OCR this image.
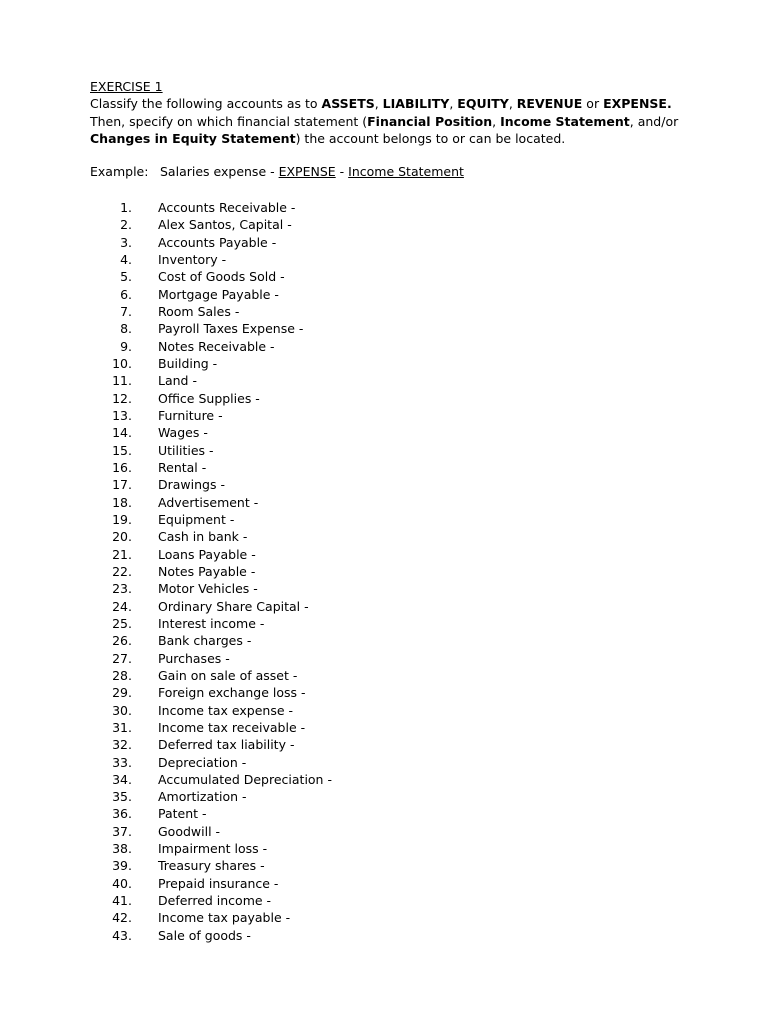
EXERCISE 1

Classify the following accounts as to ASSETS, LIABILITY, EQUITY, REVENUE or EXPENSE.

Then, specify on which financial statement (Financial Position, Income Statement, and/or

Changes in Equity Statement) the account belongs to or can be located.

Example: Salaries expense - EXPENSE - Income Statement
1. Accounts Receivable -
2. Alex Santos, Capital -
3. Accounts Payable -
4. Inventory -
5. Cost of Goods Sold -
6. Mortgage Payable -
7. Room Sales -
8. Payroll Taxes Expense -
9. Notes Receivable -
10. Building -
11. Land -
12. Office Supplies -
13. Furniture -
14. Wages -
15. Utilities -
16. Rental -
17. Drawings -
18. Advertisement -
19. Equipment -
20. Cash in bank -
21. Loans Payable -
22. Notes Payable -
23. Motor Vehicles -
24. Ordinary Share Capital -
25. Interest income -
26. Bank charges -
27. Purchases -
28. Gain on sale of asset -
29. Foreign exchange loss -
30. Income tax expense -
31. Income tax receivable -
32. Deferred tax liability -
33. Depreciation -
34. Accumulated Depreciation -
35. Amortization -
36. Patent -
37. Goodwill -
38. Impairment loss -
39. Treasury shares -
40. Prepaid insurance -
41. Deferred income -
42. Income tax payable -
43. Sale of goods -
